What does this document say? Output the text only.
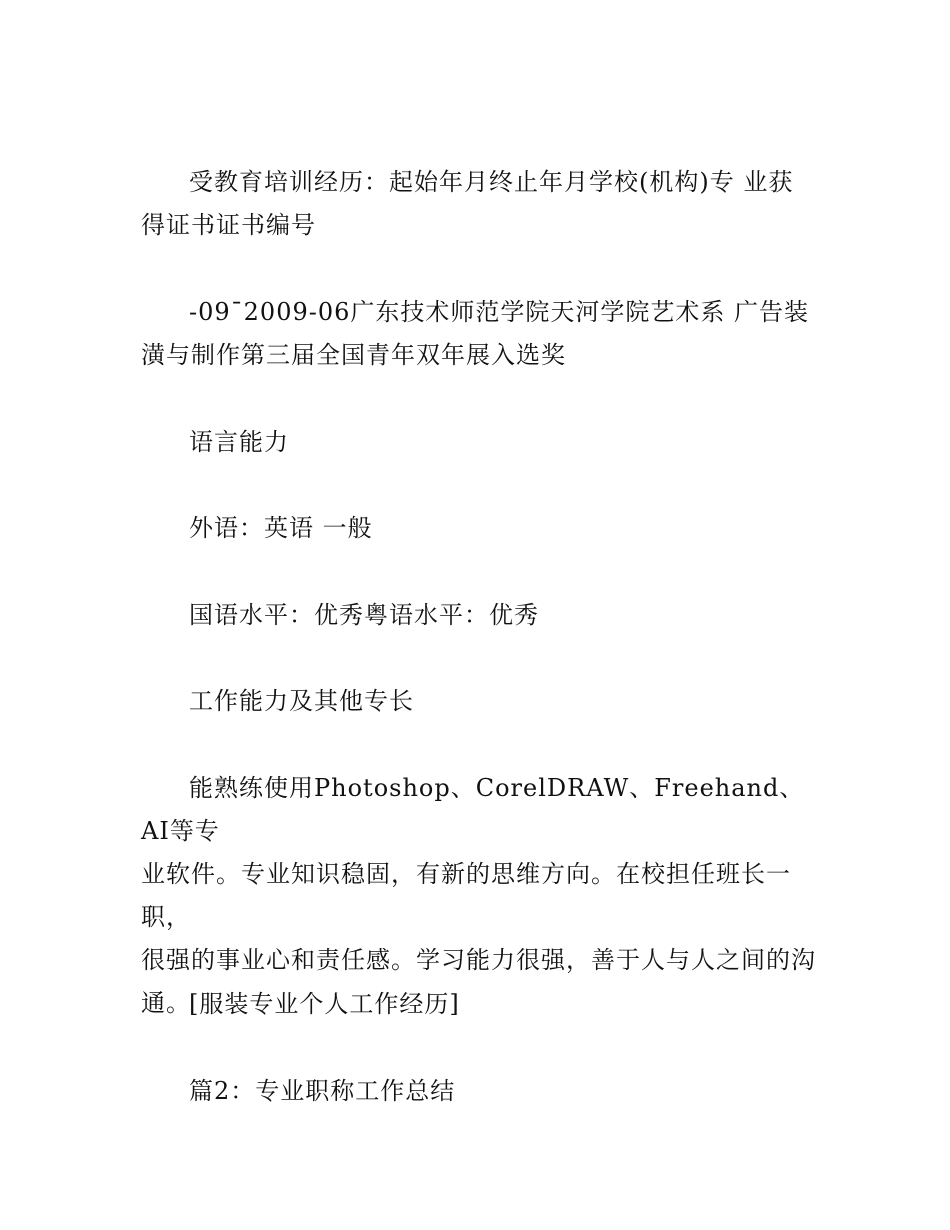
受教育培训经历：起始年月终止年月学校(机构)专 业获
得证书证书编号
-09¯2009-06广东技术师范学院天河学院艺术系 广告装
潢与制作第三届全国青年双年展入选奖
语言能力
外语：英语 一般
国语水平：优秀粤语水平：优秀
工作能力及其他专长
能熟练使用Photoshop、CorelDRAW、Freehand、AI等专
业软件。专业知识稳固，有新的思维方向。在校担任班长一职，
很强的事业心和责任感。学习能力很强，善于人与人之间的沟
通。
[服装专业个人工作经历]
篇2：专业职称工作总结
